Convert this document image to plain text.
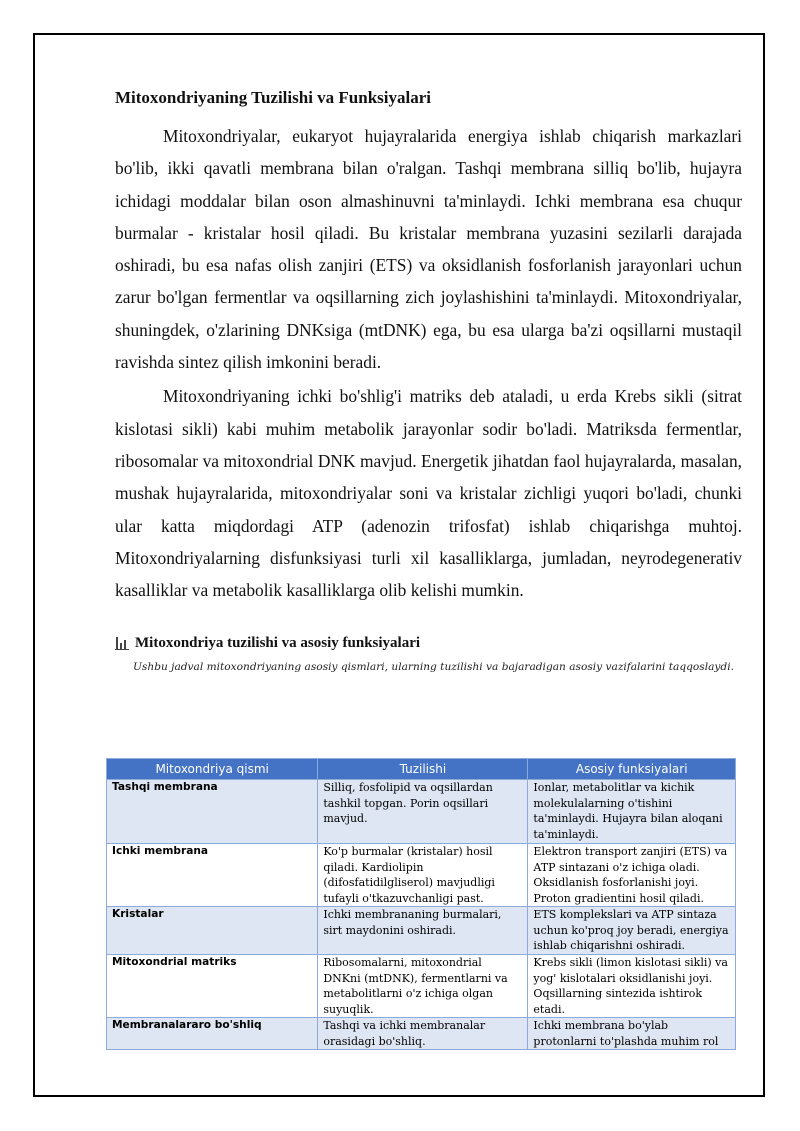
Mitoxondriyaning Tuzilishi va Funksiyalari

Mitoxondriyalar, eukaryot hujayralarida energiya ishlab chiqarish markazlari bo'lib, ikki qavatli membrana bilan o'ralgan. Tashqi membrana silliq bo'lib, hujayra ichidagi moddalar bilan oson almashinuvni ta'minlaydi. Ichki membrana esa chuqur burmalar - kristalar hosil qiladi. Bu kristalar membrana yuzasini sezilarli darajada oshiradi, bu esa nafas olish zanjiri (ETS) va oksidlanish fosforlanish jarayonlari uchun zarur bo'lgan fermentlar va oqsillarning zich joylashishini ta'minlaydi. Mitoxondriyalar, shuningdek, o'zlarining DNKsiga (mtDNK) ega, bu esa ularga ba'zi oqsillarni mustaqil ravishda sintez qilish imkonini beradi.

Mitoxondriyaning ichki bo'shlig'i matriks deb ataladi, u erda Krebs sikli (sitrat kislotasi sikli) kabi muhim metabolik jarayonlar sodir bo'ladi. Matriksda fermentlar, ribosomalar va mitoxondrial DNK mavjud. Energetik jihatdan faol hujayralarda, masalan, mushak hujayralarida, mitoxondriyalar soni va kristalar zichligi yuqori bo'ladi, chunki ular katta miqdordagi ATP (adenozin trifosfat) ishlab chiqarishga muhtoj. Mitoxondriyalarning disfunksiyasi turli xil kasalliklarga, jumladan, neyrodegenerativ kasalliklar va metabolik kasalliklarga olib kelishi mumkin.

Mitoxondriya tuzilishi va asosiy funksiyalari
Ushbu jadval mitoxondriyaning asosiy qismlari, ularning tuzilishi va bajaradigan asosiy vazifalarini taqqoslaydi.
Mitoxondriya qismi	Tuzilishi	Asosiy funksiyalari
Tashqi membrana	Silliq, fosfolipid va oqsillardan tashkil topgan. Porin oqsillari mavjud.	Ionlar, metabolitlar va kichik molekulalarning o'tishini ta'minlaydi. Hujayra bilan aloqani ta'minlaydi.
Ichki membrana	Ko'p burmalar (kristalar) hosil qiladi. Kardiolipin (difosfatidilgliserol) mavjudligi tufayli o'tkazuvchanligi past.	Elektron transport zanjiri (ETS) va ATP sintazani o'z ichiga oladi. Oksidlanish fosforlanishi joyi. Proton gradientini hosil qiladi.
Kristalar	Ichki membrananing burmalari, sirt maydonini oshiradi.	ETS komplekslari va ATP sintaza uchun ko'proq joy beradi, energiya ishlab chiqarishni oshiradi.
Mitoxondrial matriks	Ribosomalarni, mitoxondrial DNKni (mtDNK), fermentlarni va metabolitlarni o'z ichiga olgan suyuqlik.	Krebs sikli (limon kislotasi sikli) va yog' kislotalari oksidlanishi joyi. Oqsillarning sintezida ishtirok etadi.
Membranalararo bo'shliq	Tashqi va ichki membranalar orasidagi bo'shliq.	Ichki membrana bo'ylab protonlarni to'plashda muhim rol
